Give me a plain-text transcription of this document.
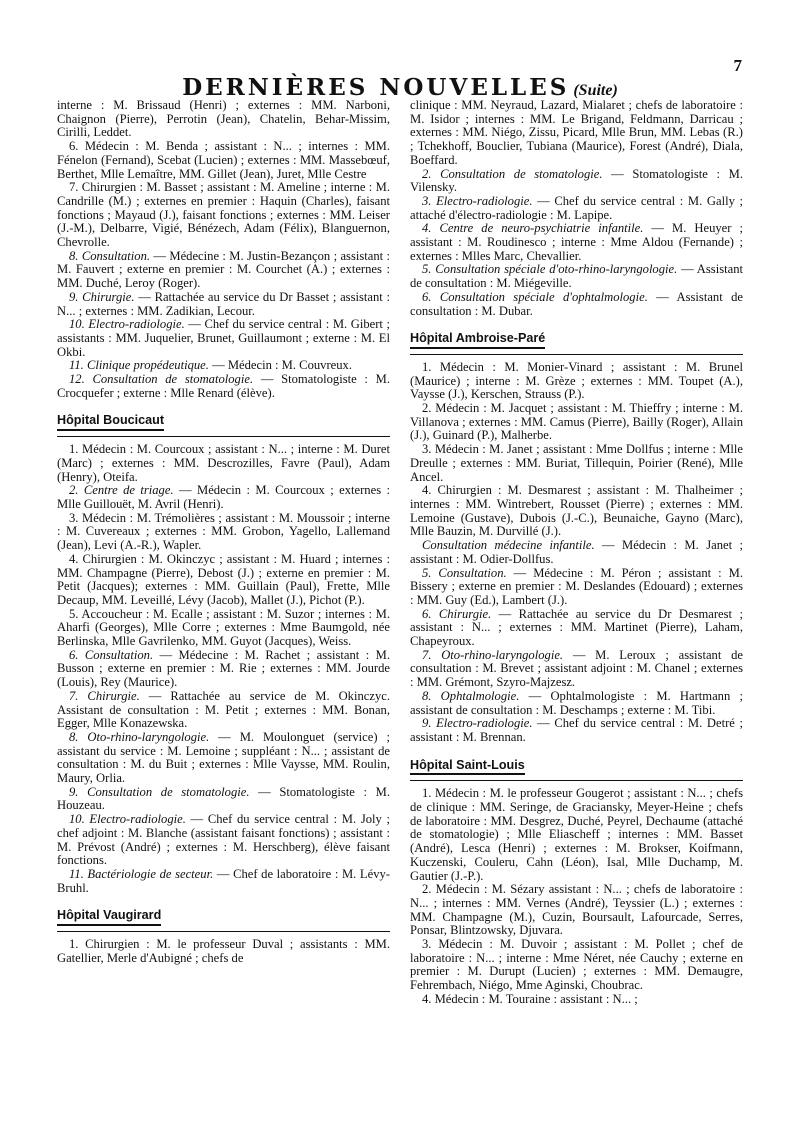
7
DERNIÈRES NOUVELLES (Suite)

interne : M. Brissaud (Henri) ; externes : MM. Narboni, Chaignon (Pierre), Perrotin (Jean), Chatelin, Behar-Missim, Cirilli, Leddet.

6. Médecin : M. Benda ; assistant : N... ; internes : MM. Fénelon (Fernand), Scebat (Lucien) ; externes : MM. Massebœuf, Berthet, Mlle Lemaître, MM. Gillet (Jean), Juret, Mlle Cestre

7. Chirurgien : M. Basset ; assistant : M. Ameline ; interne : M. Candrille (M.) ; externes en premier : Haquin (Charles), faisant fonctions ; Mayaud (J.), faisant fonctions ; externes : MM. Leiser (J.-M.), Delbarre, Vigié, Bénézech, Adam (Félix), Blanguernon, Chevrolle.

8. Consultation. — Médecine : M. Justin-Bezançon ; assistant : M. Fauvert ; externe en premier : M. Courchet (A.) ; externes : MM. Duché, Leroy (Roger).

9. Chirurgie. — Rattachée au service du Dr Basset ; assistant : N... ; externes : MM. Zadikian, Lecour.

10. Electro-radiologie. — Chef du service central : M. Gibert ; assistants : MM. Juquelier, Brunet, Guillaumont ; externe : M. El Okbi.

11. Clinique propédeutique. — Médecin : M. Couvreux.

12. Consultation de stomatologie. — Stomatologiste : M. Crocquefer ; externe : Mlle Renard (élève).

Hôpital Boucicaut

1. Médecin : M. Courcoux ; assistant : N... ; interne : M. Duret (Marc) ; externes : MM. Descrozilles, Favre (Paul), Adam (Henry), Oteifa.

2. Centre de triage. — Médecin : M. Courcoux ; externes : Mlle Guillouët, M. Avril (Henri).

3. Médecin : M. Trémolières ; assistant : M. Moussoir ; interne : M. Cuvereaux ; externes : MM. Grobon, Yagello, Lallemand (Jean), Levi (A.-R.), Wapler.

4. Chirurgien : M. Okinczyc ; assistant : M. Huard ; internes : MM. Champagne (Pierre), Debost (J.) ; externe en premier : M. Petit (Jacques); externes : MM. Guillain (Paul), Frette, Mlle Decaup, MM. Leveillé, Lévy (Jacob), Mallet (J.), Pichot (P.).

5. Accoucheur : M. Ecalle ; assistant : M. Suzor ; internes : M. Aharfi (Georges), Mlle Corre ; externes : Mme Baumgold, née Berlinska, Mlle Gavrilenko, MM. Guyot (Jacques), Weiss.

6. Consultation. — Médecine : M. Rachet ; assistant : M. Busson ; externe en premier : M. Rie ; externes : MM. Jourde (Louis), Rey (Maurice).

7. Chirurgie. — Rattachée au service de M. Okinczyc. Assistant de consultation : M. Petit ; externes : MM. Bonan, Egger, Mlle Konazewska.

8. Oto-rhino-laryngologie. — M. Moulonguet (service) ; assistant du service : M. Lemoine ; suppléant : N... ; assistant de consultation : M. du Buit ; externes : Mlle Vaysse, MM. Roulin, Maury, Orlia.

9. Consultation de stomatologie. — Stomatologiste : M. Houzeau.

10. Electro-radiologie. — Chef du service central : M. Joly ; chef adjoint : M. Blanche (assistant faisant fonctions) ; assistant : M. Prévost (André) ; externes : M. Herschberg), élève faisant fonctions.

11. Bactériologie de secteur. — Chef de laboratoire : M. Lévy-Bruhl.

Hôpital Vaugirard

1. Chirurgien : M. le professeur Duval ; assistants : MM. Gatellier, Merle d'Aubigné ; chefs de

clinique : MM. Neyraud, Lazard, Mialaret ; chefs de laboratoire : M. Isidor ; internes : MM. Le Brigand, Feldmann, Darricau ; externes : MM. Niégo, Zissu, Picard, Mlle Brun, MM. Lebas (R.) ; Tchekhoff, Bouclier, Tubiana (Maurice), Forest (André), Diala, Boeffard.

2. Consultation de stomatologie. — Stomatologiste : M. Vilensky.

3. Electro-radiologie. — Chef du service central : M. Gally ; attaché d'électro-radiologie : M. Lapipe.

4. Centre de neuro-psychiatrie infantile. — M. Heuyer ; assistant : M. Roudinesco ; interne : Mme Aldou (Fernande) ; externes : Mlles Marc, Chevallier.

5. Consultation spéciale d'oto-rhino-laryngologie. — Assistant de consultation : M. Miégeville.

6. Consultation spéciale d'ophtalmologie. — Assistant de consultation : M. Dubar.

Hôpital Ambroise-Paré

1. Médecin : M. Monier-Vinard ; assistant : M. Brunel (Maurice) ; interne : M. Grèze ; externes : MM. Toupet (A.), Vaysse (J.), Kerschen, Strauss (P.).

2. Médecin : M. Jacquet ; assistant : M. Thieffry ; interne : M. Villanova ; externes : MM. Camus (Pierre), Bailly (Roger), Allain (J.), Guinard (P.), Malherbe.

3. Médecin : M. Janet ; assistant : Mme Dollfus ; interne : Mlle Dreulle ; externes : MM. Buriat, Tillequin, Poirier (René), Mlle Ancel.

4. Chirurgien : M. Desmarest ; assistant : M. Thalheimer ; internes : MM. Wintrebert, Rousset (Pierre) ; externes : MM. Lemoine (Gustave), Dubois (J.-C.), Beunaiche, Gayno (Marc), Mlle Bauzin, M. Durvillé (J.).

Consultation médecine infantile. — Médecin : M. Janet ; assistant : M. Odier-Dollfus.

5. Consultation. — Médecine : M. Péron ; assistant : M. Bissery ; externe en premier : M. Deslandes (Edouard) ; externes : MM. Guy (Ed.), Lambert (J.).

6. Chirurgie. — Rattachée au service du Dr Desmarest ; assistant : N... ; externes : MM. Martinet (Pierre), Laham, Chapeyroux.

7. Oto-rhino-laryngologie. — M. Leroux ; assistant de consultation : M. Brevet ; assistant adjoint : M. Chanel ; externes : MM. Grémont, Szyro-Majzesz.

8. Ophtalmologie. — Ophtalmologiste : M. Hartmann ; assistant de consultation : M. Deschamps ; externe : M. Tibi.

9. Electro-radiologie. — Chef du service central : M. Detré ; assistant : M. Brennan.

Hôpital Saint-Louis

1. Médecin : M. le professeur Gougerot ; assistant : N... ; chefs de clinique : MM. Seringe, de Graciansky, Meyer-Heine ; chefs de laboratoire : MM. Desgrez, Duché, Peyrel, Dechaume (attaché de stomatologie) ; Mlle Eliascheff ; internes : MM. Basset (André), Lesca (Henri) ; externes : M. Brokser, Koifmann, Kuczenski, Couleru, Cahn (Léon), Isal, Mlle Duchamp, M. Gautier (J.-P.).

2. Médecin : M. Sézary assistant : N... ; chefs de laboratoire : N... ; internes : MM. Vernes (André), Teyssier (L.) ; externes : MM. Champagne (M.), Cuzin, Boursault, Lafourcade, Serres, Ponsar, Blintzowsky, Djuvara.

3. Médecin : M. Duvoir ; assistant : M. Pollet ; chef de laboratoire : N... ; interne : Mme Néret, née Cauchy ; externe en premier : M. Durupt (Lucien) ; externes : MM. Demaugre, Fehrembach, Niégo, Mme Aginski, Choubrac.

4. Médecin : M. Touraine : assistant : N... ;
